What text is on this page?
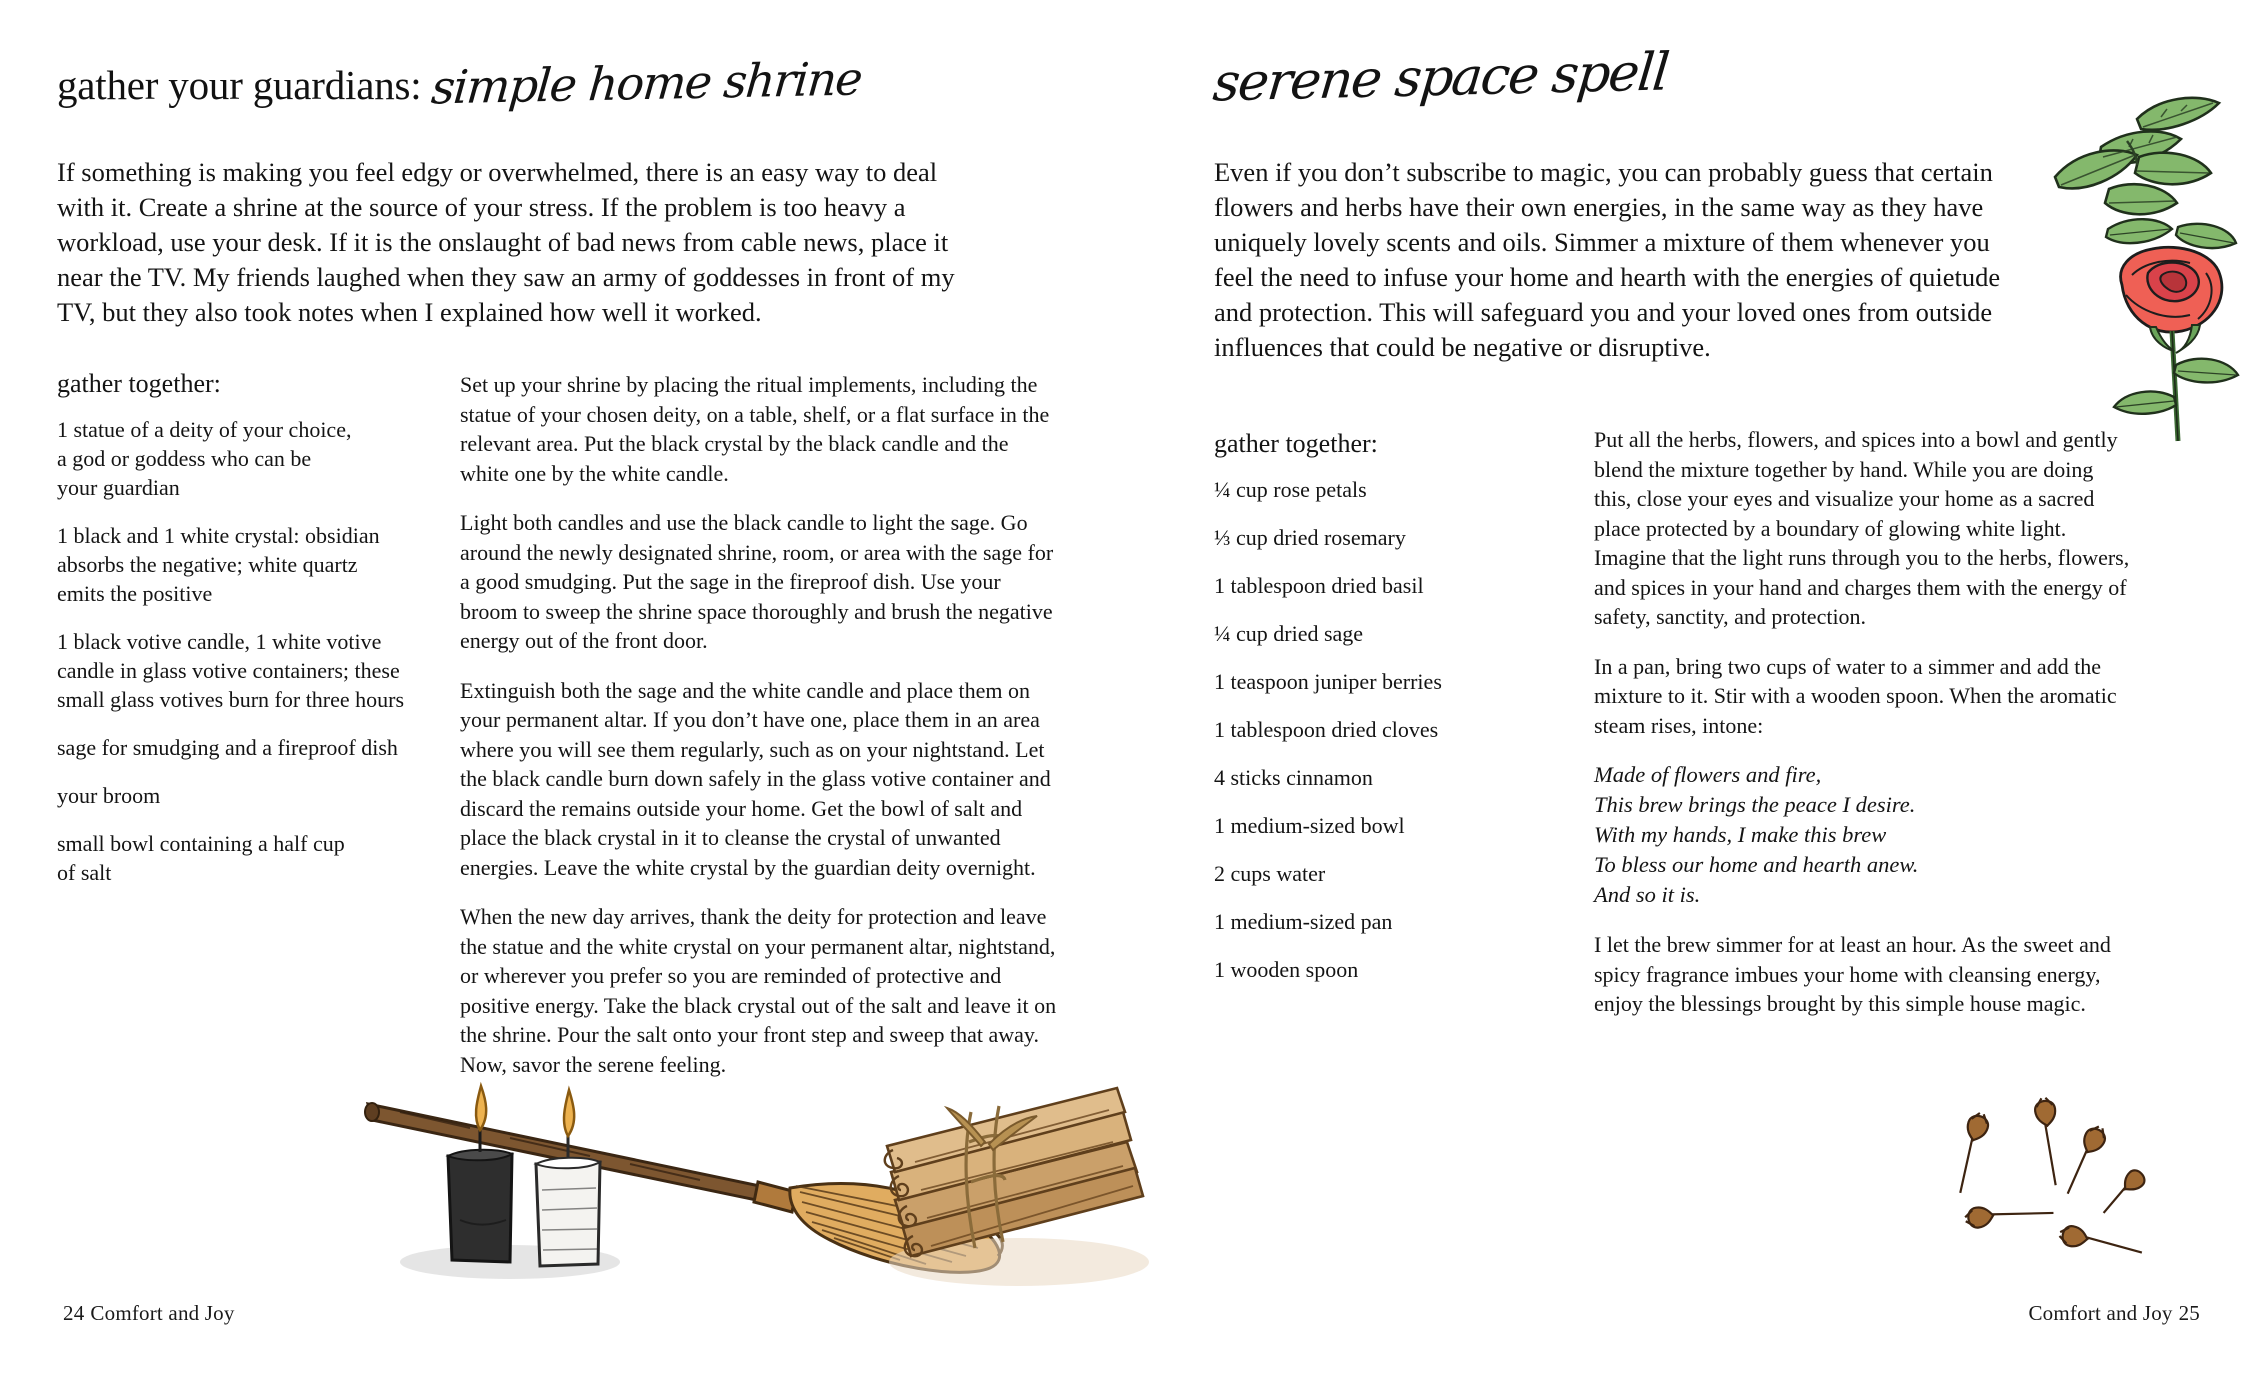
gather your guardians: simple home shrine
If something is making you feel edgy or overwhelmed, there is an easy way to deal with it. Create a shrine at the source of your stress. If the problem is too heavy a workload, use your desk. If it is the onslaught of bad news from cable news, place it near the TV. My friends laughed when they saw an army of goddesses in front of my TV, but they also took notes when I explained how well it worked.
gather together:
1 statue of a deity of your choice,
a god or goddess who can be
your guardian
1 black and 1 white crystal: obsidian
absorbs the negative; white quartz
emits the positive
1 black votive candle, 1 white votive
candle in glass votive containers; these
small glass votives burn for three hours
sage for smudging and a fireproof dish
your broom
small bowl containing a half cup
of salt

Set up your shrine by placing the ritual implements, including the statue of your chosen deity, on a table, shelf, or a flat surface in the relevant area. Put the black crystal by the black candle and the white one by the white candle.

Light both candles and use the black candle to light the sage. Go around the newly designated shrine, room, or area with the sage for a good smudging. Put the sage in the fireproof dish. Use your broom to sweep the shrine space thoroughly and brush the negative energy out of the front door.

Extinguish both the sage and the white candle and place them on your permanent altar. If you don’t have one, place them in an area where you will see them regularly, such as on your nightstand. Let the black candle burn down safely in the glass votive container and discard the remains outside your home. Get the bowl of salt and place the black crystal in it to cleanse the crystal of unwanted energies. Leave the white crystal by the guardian deity overnight.

When the new day arrives, thank the deity for protection and leave the statue and the white crystal on your permanent altar, nightstand, or wherever you prefer so you are reminded of protective and positive energy. Take the black crystal out of the salt and leave it on the shrine. Pour the salt onto your front step and sweep that away. Now, savor the serene feeling.

24 Comfort and Joy
serene space spell
Even if you don’t subscribe to magic, you can probably guess that certain flowers and herbs have their own energies, in the same way as they have uniquely lovely scents and oils. Simmer a mixture of them whenever you feel the need to infuse your home and hearth with the energies of quietude and protection. This will safeguard you and your loved ones from outside influences that could be negative or disruptive.
gather together:
¼ cup rose petals
⅓ cup dried rosemary
1 tablespoon dried basil
¼ cup dried sage
1 teaspoon juniper berries
1 tablespoon dried cloves
4 sticks cinnamon
1 medium-sized bowl
2 cups water
1 medium-sized pan
1 wooden spoon

Put all the herbs, flowers, and spices into a bowl and gently blend the mixture together by hand. While you are doing this, close your eyes and visualize your home as a sacred place protected by a boundary of glowing white light. Imagine that the light runs through you to the herbs, flowers, and spices in your hand and charges them with the energy of safety, sanctity, and protection.

In a pan, bring two cups of water to a simmer and add the mixture to it. Stir with a wooden spoon. When the aromatic steam rises, intone:

Made of flowers and fire,
This brew brings the peace I desire.
With my hands, I make this brew
To bless our home and hearth anew.
And so it is.

I let the brew simmer for at least an hour. As the sweet and spicy fragrance imbues your home with cleansing energy, enjoy the blessings brought by this simple house magic.

Comfort and Joy 25
